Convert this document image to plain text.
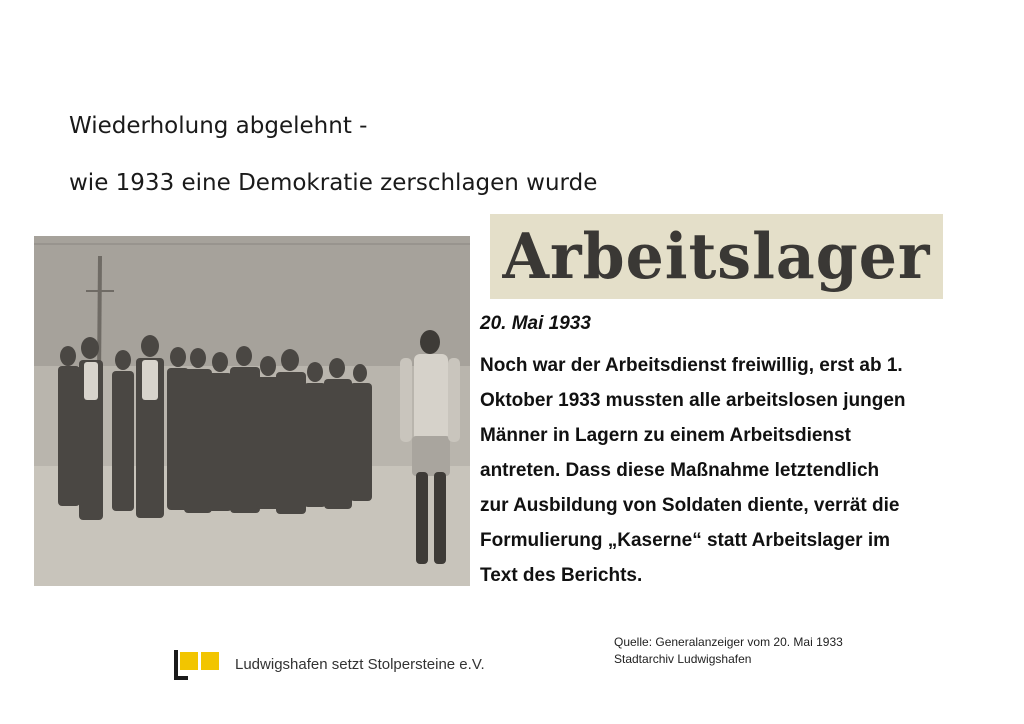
Wiederholung abgelehnt -
wie 1933 eine Demokratie zerschlagen wurde
Arbeitslager
20. Mai 1933

Noch war der Arbeitsdienst freiwillig, erst ab 1.
Oktober 1933 mussten alle arbeitslosen jungen
Männer in Lagern zu einem Arbeitsdienst
antreten. Dass diese Maßnahme letztendlich
zur Ausbildung von Soldaten diente, verrät die
Formulierung „Kaserne“ statt Arbeitslager im
Text des Berichts.

Ludwigshafen setzt Stolpersteine e.V.
Quelle: Generalanzeiger vom 20. Mai 1933
Stadtarchiv Ludwigshafen
